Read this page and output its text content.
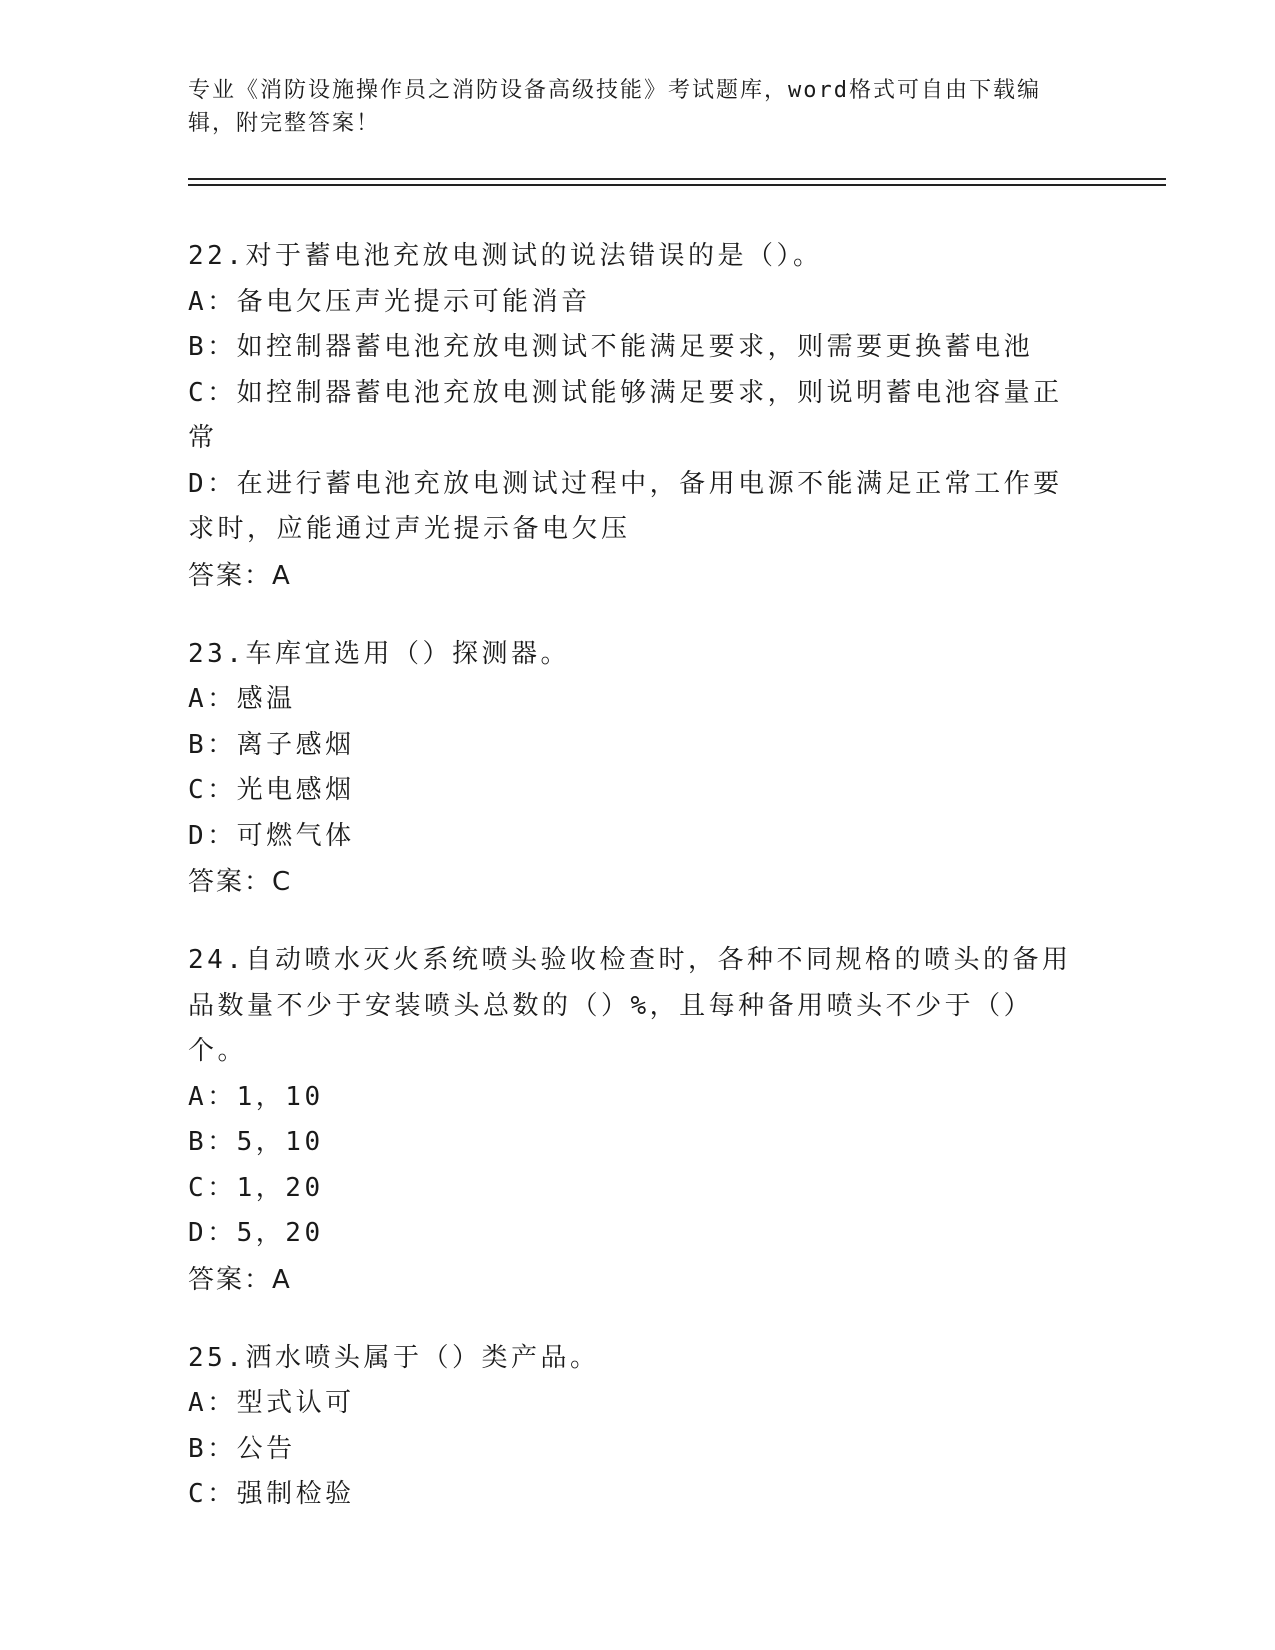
专业《消防设施操作员之消防设备高级技能》考试题库，word格式可自由下载编辑，附完整答案！
22.对于蓄电池充放电测试的说法错误的是（）。
A：备电欠压声光提示可能消音
B：如控制器蓄电池充放电测试不能满足要求，则需要更换蓄电池
C：如控制器蓄电池充放电测试能够满足要求，则说明蓄电池容量正常
D：在进行蓄电池充放电测试过程中，备用电源不能满足正常工作要求时，应能通过声光提示备电欠压
答案：A
23.车库宜选用（）探测器。
A：感温
B：离子感烟
C：光电感烟
D：可燃气体
答案：C
24.自动喷水灭火系统喷头验收检查时，各种不同规格的喷头的备用品数量不少于安装喷头总数的（）%，且每种备用喷头不少于（）个。
A：1，10
B：5，10
C：1，20
D：5，20
答案：A
25.洒水喷头属于（）类产品。
A：型式认可
B：公告
C：强制检验
